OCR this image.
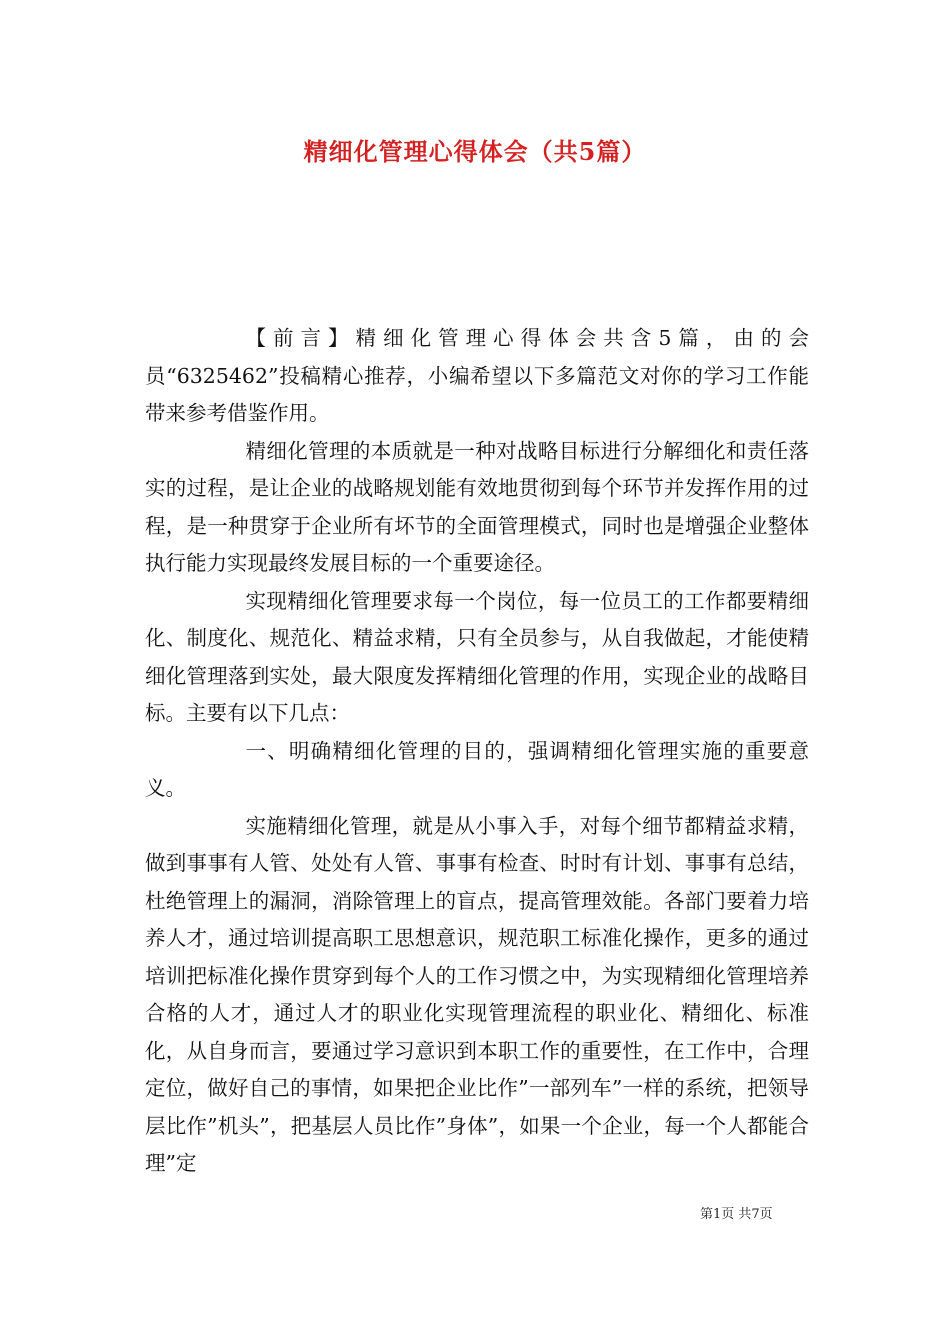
精细化管理心得体会（共5篇）

【前言】精细化管理心得体会共含5篇，由的会员“6325462”投稿精心推荐，小编希望以下多篇范文对你的学习工作能带来参考借鉴作用。

精细化管理的本质就是一种对战略目标进行分解细化和责任落实的过程，是让企业的战略规划能有效地贯彻到每个环节并发挥作用的过程，是一种贯穿于企业所有坏节的全面管理模式，同时也是增强企业整体执行能力实现最终发展目标的一个重要途径。

实现精细化管理要求每一个岗位，每一位员工的工作都要精细化、制度化、规范化、精益求精，只有全员参与，从自我做起，才能使精细化管理落到实处，最大限度发挥精细化管理的作用，实现企业的战略目标。主要有以下几点：

一、明确精细化管理的目的，强调精细化管理实施的重要意义。

实施精细化管理，就是从小事入手，对每个细节都精益求精，做到事事有人管、处处有人管、事事有检查、时时有计划、事事有总结，杜绝管理上的漏洞，消除管理上的盲点，提高管理效能。各部门要着力培养人才，通过培训提高职工思想意识，规范职工标准化操作，更多的通过培训把标准化操作贯穿到每个人的工作习惯之中，为实现精细化管理培养合格的人才，通过人才的职业化实现管理流程的职业化、精细化、标准化，从自身而言，要通过学习意识到本职工作的重要性，在工作中，合理定位，做好自己的事情，如果把企业比作”一部列车”一样的系统，把领导层比作”机头”，把基层人员比作”身体”，如果一个企业，每一个人都能合理”定

第1页 共7页
